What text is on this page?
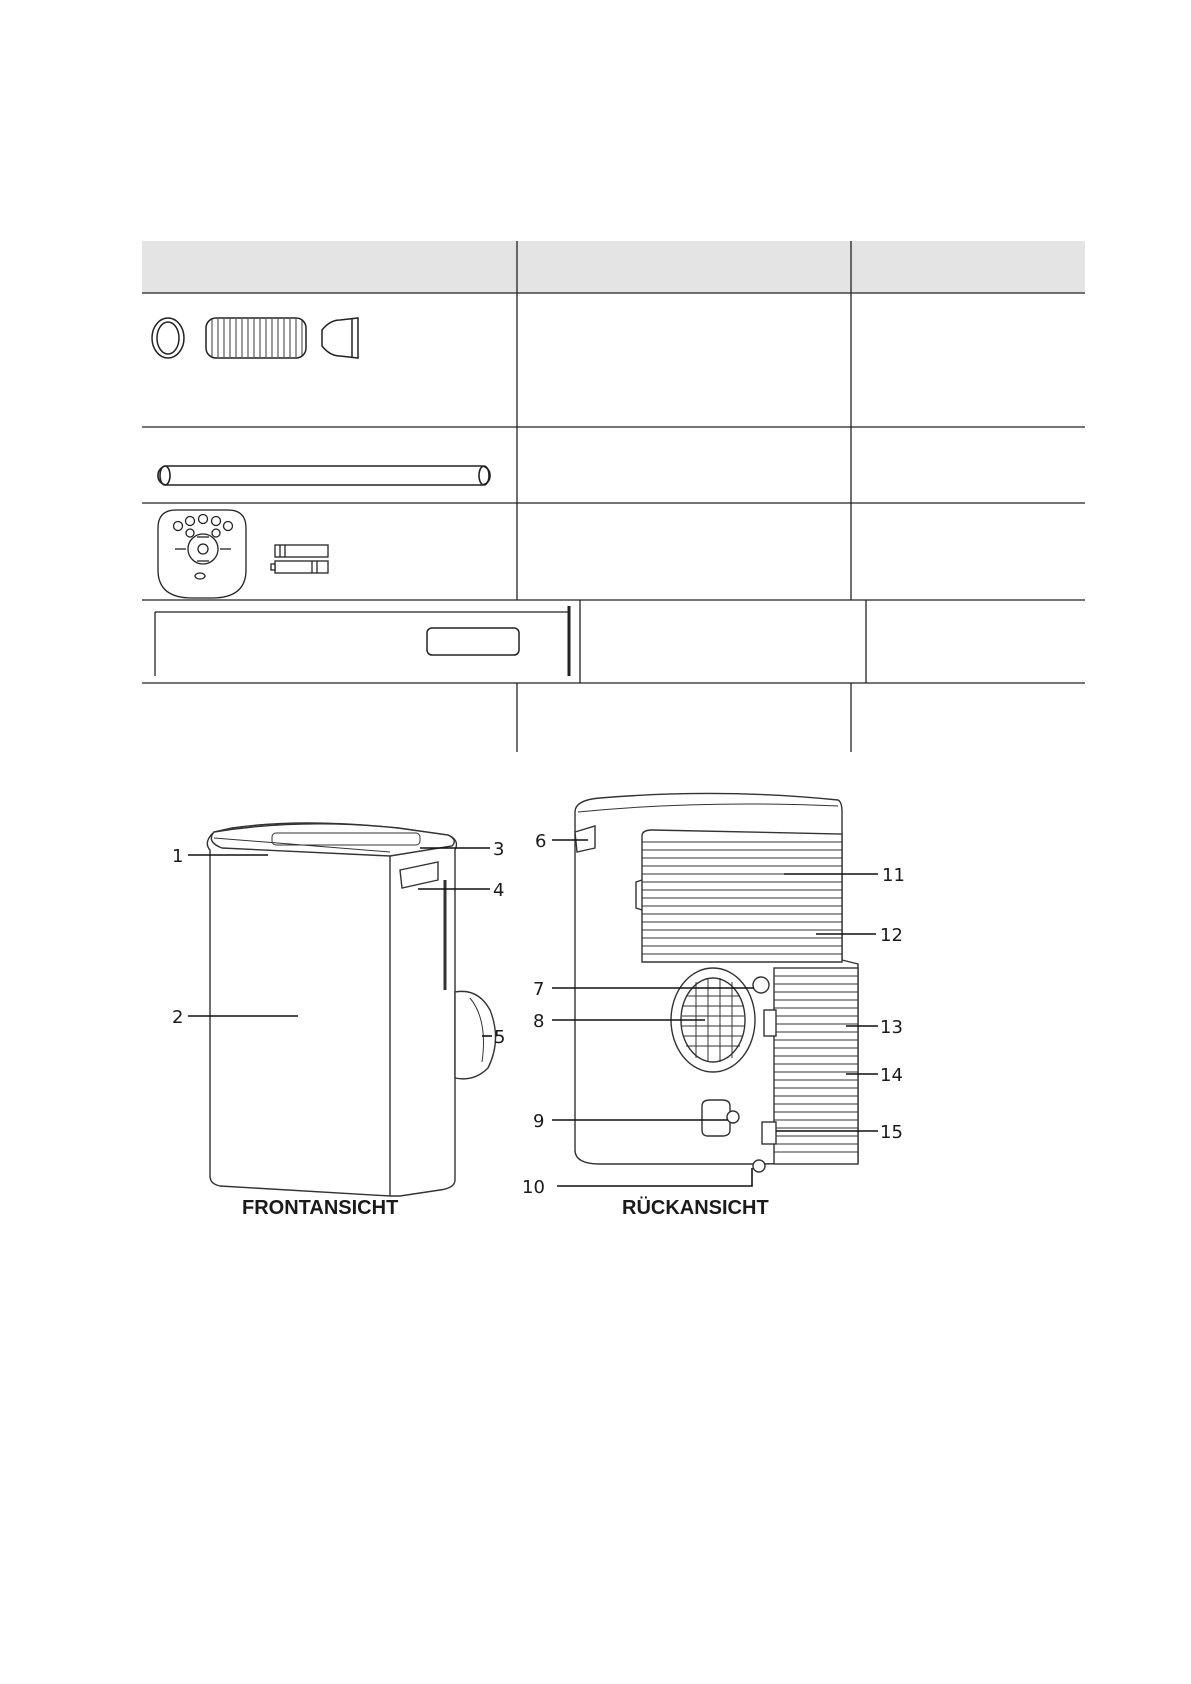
1
2
3
4
5
FRONTANSICHT
6
7
8
9
10
11
12
13
14
15
RÜCKANSICHT
